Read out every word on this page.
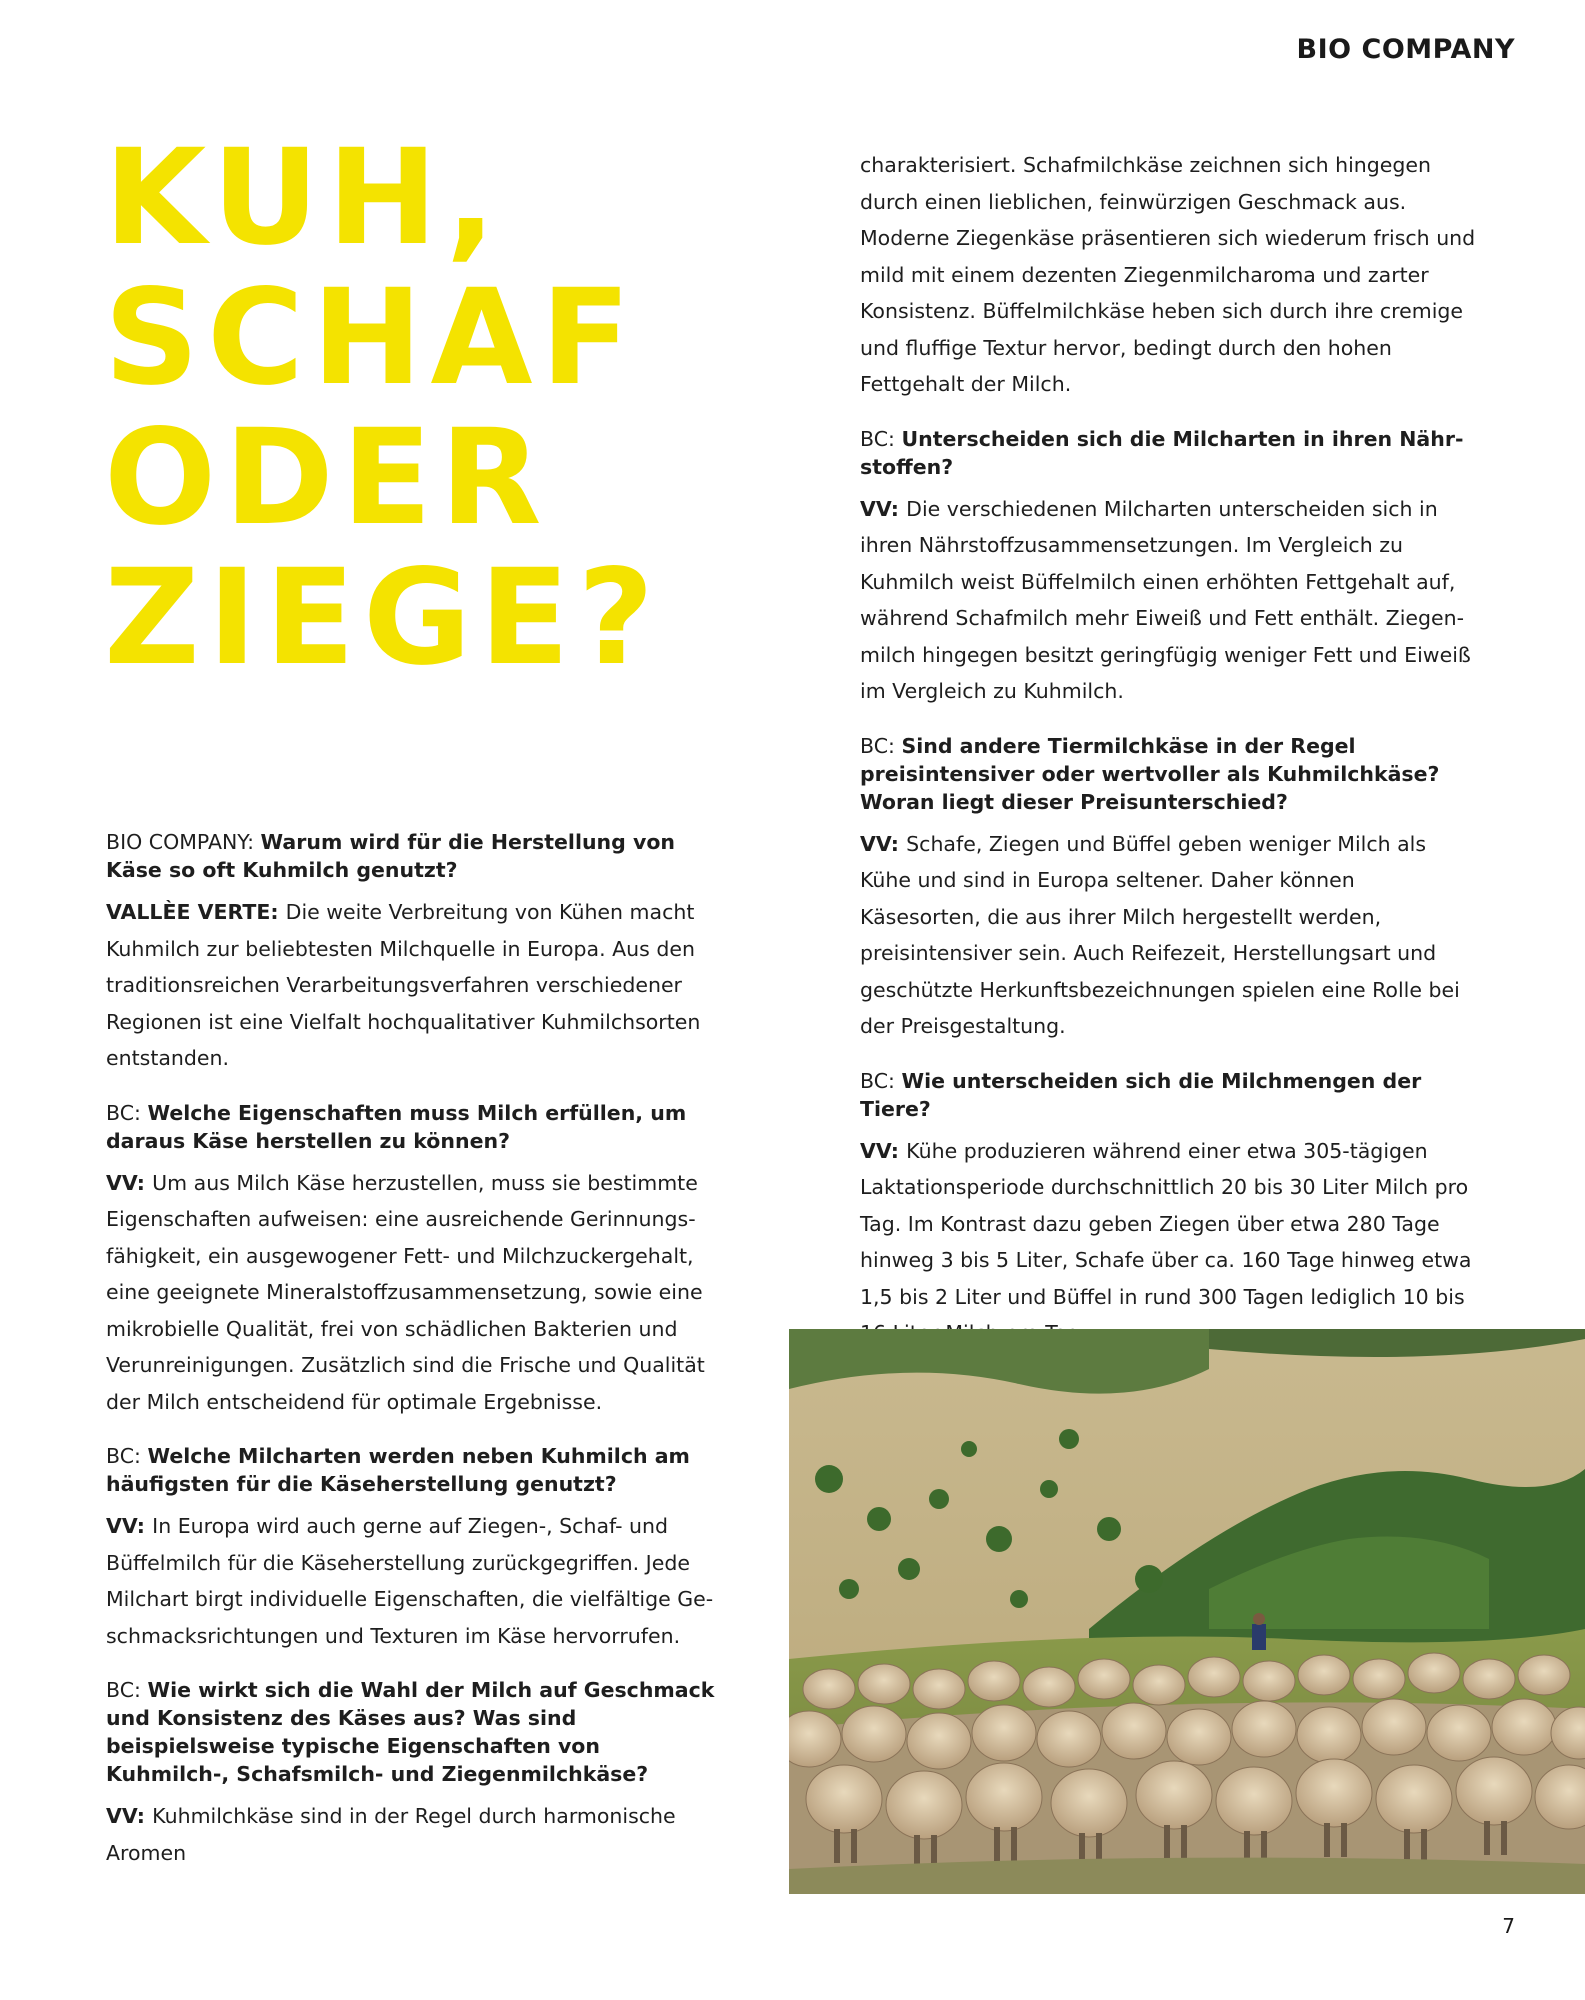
BIO COMPANY
KUH,
SCHAF
ODER
ZIEGE?

BIO COMPANY: Warum wird für die Herstellung von Käse so oft Kuhmilch genutzt?

VALLÈE VERTE: Die weite Verbreitung von Kühen macht Kuhmilch zur beliebtesten Milchquelle in Europa. Aus den traditionsreichen Verarbeitungsverfahren verschiedener Regionen ist eine Vielfalt hochqualitativer Kuhmilchsorten entstanden.

BC: Welche Eigenschaften muss Milch erfüllen, um daraus Käse herstellen zu können?

VV: Um aus Milch Käse herzustellen, muss sie bestimmte Eigenschaften aufweisen: eine ausreichende Gerinnungsfähigkeit, ein ausgewogener Fett- und Milchzuckergehalt, eine geeignete Mineralstoffzusammensetzung, sowie eine mikrobielle Qualität, frei von schädlichen Bakterien und Verunreinigungen. Zusätzlich sind die Frische und Qualität der Milch entscheidend für optimale Ergebnisse.

BC: Welche Milcharten werden neben Kuhmilch am häufigsten für die Käseherstellung genutzt?

VV: In Europa wird auch gerne auf Ziegen-, Schaf- und Büffelmilch für die Käseherstellung zurückgegriffen. Jede Milchart birgt individuelle Eigenschaften, die vielfältige Geschmacksrichtungen und Texturen im Käse hervorrufen.

BC: Wie wirkt sich die Wahl der Milch auf Geschmack und Konsistenz des Käses aus? Was sind beispielsweise typische Eigenschaften von Kuhmilch-, Schafsmilch- und Ziegenmilchkäse?

VV: Kuhmilchkäse sind in der Regel durch harmonische Aromen

charakterisiert. Schafmilchkäse zeichnen sich hingegen durch einen lieblichen, feinwürzigen Geschmack aus. Moderne Ziegenkäse präsentieren sich wiederum frisch und mild mit einem dezenten Ziegenmilcharoma und zarter Konsistenz. Büffelmilchkäse heben sich durch ihre cremige und fluffige Textur hervor, bedingt durch den hohen Fettgehalt der Milch.

BC: Unterscheiden sich die Milcharten in ihren Nährstoffen?

VV: Die verschiedenen Milcharten unterscheiden sich in ihren Nährstoffzusammensetzungen. Im Vergleich zu Kuhmilch weist Büffelmilch einen erhöhten Fettgehalt auf, während Schafmilch mehr Eiweiß und Fett enthält. Ziegenmilch hingegen besitzt geringfügig weniger Fett und Eiweiß im Vergleich zu Kuhmilch.

BC: Sind andere Tiermilchkäse in der Regel preisintensiver oder wertvoller als Kuhmilchkäse? Woran liegt dieser Preisunterschied?

VV: Schafe, Ziegen und Büffel geben weniger Milch als Kühe und sind in Europa seltener. Daher können Käsesorten, die aus ihrer Milch hergestellt werden, preisintensiver sein. Auch Reifezeit, Herstellungsart und geschützte Herkunftsbezeichnungen spielen eine Rolle bei der Preisgestaltung.

BC: Wie unterscheiden sich die Milchmengen der Tiere?

VV: Kühe produzieren während einer etwa 305-tägigen Laktationsperiode durchschnittlich 20 bis 30 Liter Milch pro Tag. Im Kontrast dazu geben Ziegen über etwa 280 Tage hinweg 3 bis 5 Liter, Schafe über ca. 160 Tage hinweg etwa 1,5 bis 2 Liter und Büffel in rund 300 Tagen lediglich 10 bis

7
